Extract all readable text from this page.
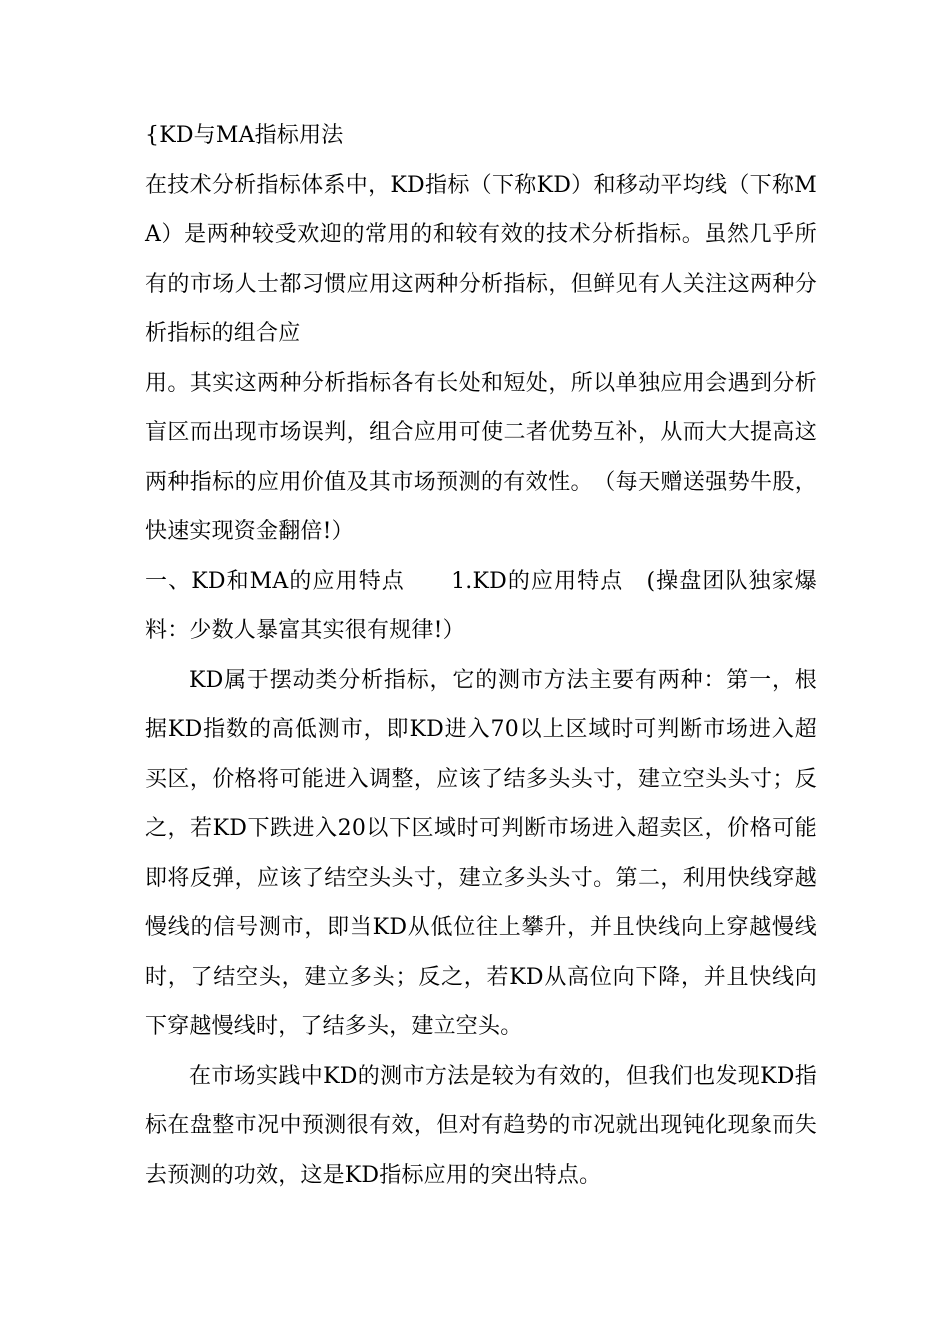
{KD与MA指标用法

在技术分析指标体系中，KD指标（下称KD）和移动平均线（下称MA）是两种较受欢迎的常用的和较有效的技术分析指标。虽然几乎所有的市场人士都习惯应用这两种分析指标，但鲜见有人关注这两种分析指标的组合应

用。其实这两种分析指标各有长处和短处，所以单独应用会遇到分析盲区而出现市场误判，组合应用可使二者优势互补，从而大大提高这两种指标的应用价值及其市场预测的有效性。　（每天赠送强势牛股，快速实现资金翻倍!）

一、KD和MA的应用特点　　1.KD的应用特点　(操盘团队独家爆料：少数人暴富其实很有规律!）

KD属于摆动类分析指标，它的测市方法主要有两种：第一，根据KD指数的高低测市，即KD进入70以上区域时可判断市场进入超买区，价格将可能进入调整，应该了结多头头寸，建立空头头寸；反之，若KD下跌进入20以下区域时可判断市场进入超卖区，价格可能即将反弹，应该了结空头头寸，建立多头头寸。第二，利用快线穿越慢线的信号测市，即当KD从低位往上攀升，并且快线向上穿越慢线时，了结空头，建立多头；反之，若KD从高位向下降，并且快线向下穿越慢线时，了结多头，建立空头。

在市场实践中KD的测市方法是较为有效的，但我们也发现KD指标在盘整市况中预测很有效，但对有趋势的市况就出现钝化现象而失去预测的功效，这是KD指标应用的突出特点。
